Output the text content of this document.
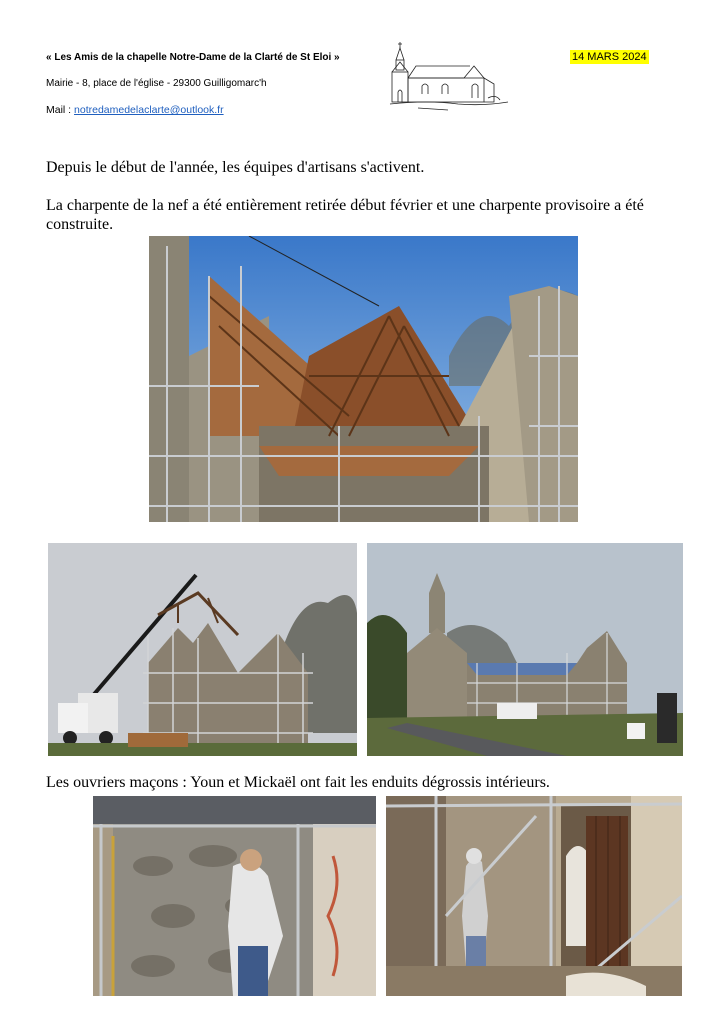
« Les Amis de la chapelle Notre-Dame de la Clarté de St Eloi »
Mairie - 8, place de l'église - 29300 Guilligomarc'h
Mail : notredamedelaclarte@outlook.fr
14 MARS 2024
Depuis le début de l'année, les équipes d'artisans s'activent.
La charpente de la nef a été entièrement retirée début février et une charpente provisoire a été construite.
Les ouvriers maçons : Youn et Mickaël ont fait les enduits dégrossis intérieurs.
